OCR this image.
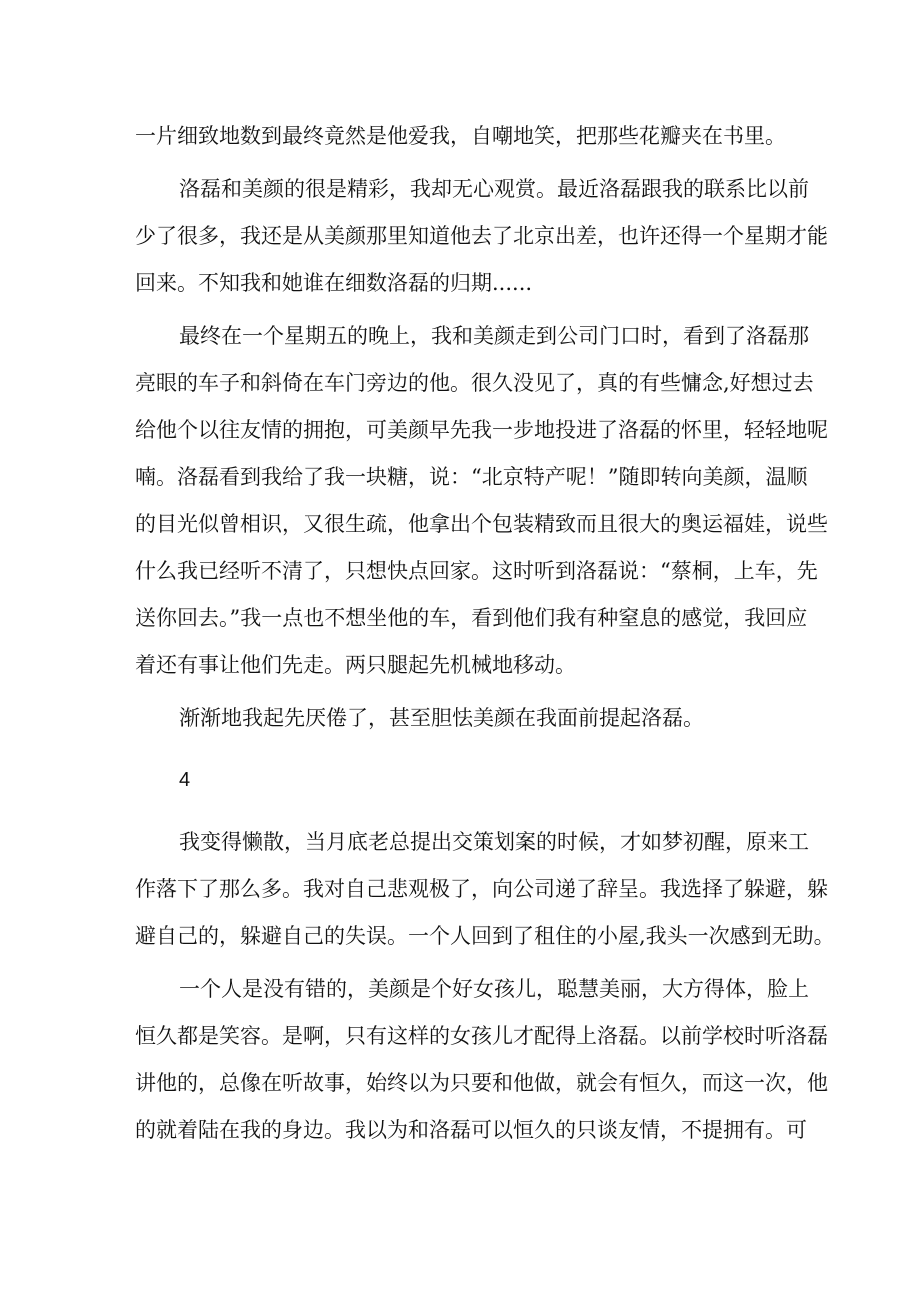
一片细致地数到最终竟然是他爱我，自嘲地笑，把那些花瓣夹在书里。
洛磊和美颜的很是精彩，我却无心观赏。最近洛磊跟我的联系比以前
少了很多，我还是从美颜那里知道他去了北京出差，也许还得一个星期才能
回来。不知我和她谁在细数洛磊的归期......
最终在一个星期五的晚上，我和美颜走到公司门口时，看到了洛磊那
亮眼的车子和斜倚在车门旁边的他。很久没见了，真的有些慵念,好想过去
给他个以往友情的拥抱，可美颜早先我一步地投进了洛磊的怀里，轻轻地呢
喃。洛磊看到我给了我一块糖，说：“北京特产呢！”随即转向美颜，温顺
的目光似曾相识，又很生疏，他拿出个包装精致而且很大的奥运福娃，说些
什么我已经听不清了，只想快点回家。这时听到洛磊说：“蔡桐，上车，先
送你回去。”我一点也不想坐他的车，看到他们我有种窒息的感觉，我回应
着还有事让他们先走。两只腿起先机械地移动。
渐渐地我起先厌倦了，甚至胆怯美颜在我面前提起洛磊。
4
我变得懒散，当月底老总提出交策划案的时候，才如梦初醒，原来工
作落下了那么多。我对自己悲观极了，向公司递了辞呈。我选择了躲避，躲
避自己的，躲避自己的失误。一个人回到了租住的小屋,我头一次感到无助。
一个人是没有错的，美颜是个好女孩儿，聪慧美丽，大方得体，脸上
恒久都是笑容。是啊，只有这样的女孩儿才配得上洛磊。以前学校时听洛磊
讲他的，总像在听故事，始终以为只要和他做，就会有恒久，而这一次，他
的就着陆在我的身边。我以为和洛磊可以恒久的只谈友情，不提拥有。可
